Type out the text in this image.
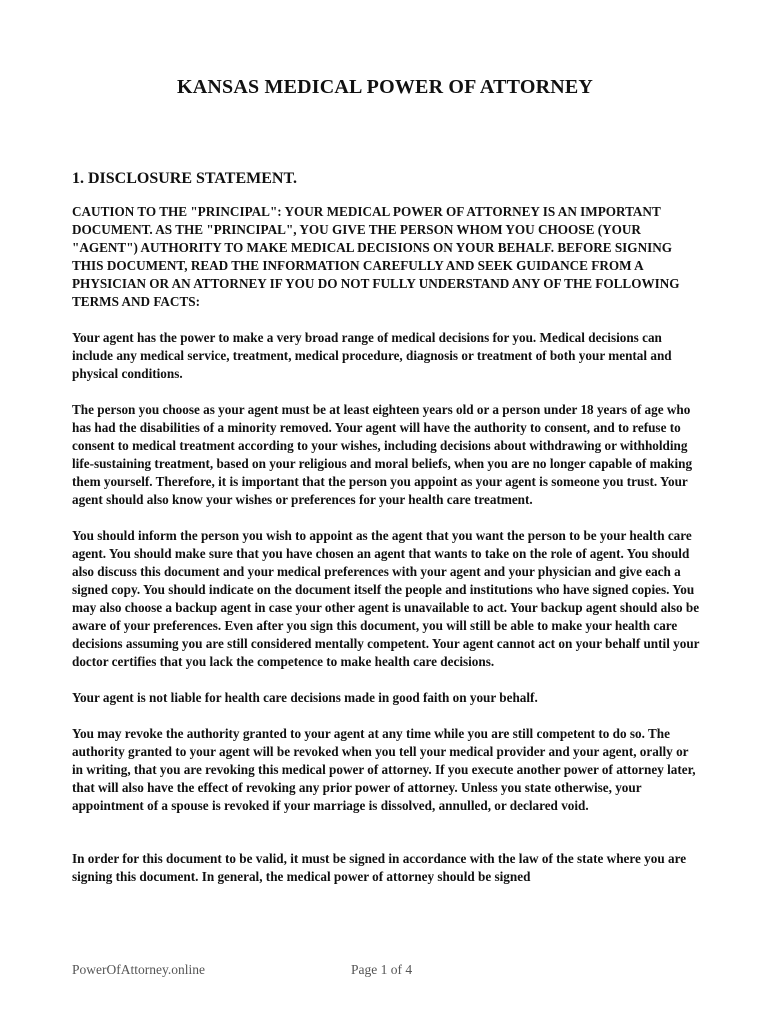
KANSAS MEDICAL POWER OF ATTORNEY
1. DISCLOSURE STATEMENT.

CAUTION TO THE "PRINCIPAL": YOUR MEDICAL POWER OF ATTORNEY IS AN IMPORTANT DOCUMENT. AS THE "PRINCIPAL", YOU GIVE THE PERSON WHOM YOU CHOOSE (YOUR "AGENT") AUTHORITY TO MAKE MEDICAL DECISIONS ON YOUR BEHALF. BEFORE SIGNING THIS DOCUMENT, READ THE INFORMATION CAREFULLY AND SEEK GUIDANCE FROM A PHYSICIAN OR AN ATTORNEY IF YOU DO NOT FULLY UNDERSTAND ANY OF THE FOLLOWING TERMS AND FACTS:

Your agent has the power to make a very broad range of medical decisions for you. Medical decisions can include any medical service, treatment, medical procedure, diagnosis or treatment of both your mental and physical conditions.

The person you choose as your agent must be at least eighteen years old or a person under 18 years of age who has had the disabilities of a minority removed. Your agent will have the authority to consent, and to refuse to consent to medical treatment according to your wishes, including decisions about withdrawing or withholding life-sustaining treatment, based on your religious and moral beliefs, when you are no longer capable of making them yourself. Therefore, it is important that the person you appoint as your agent is someone you trust. Your agent should also know your wishes or preferences for your health care treatment.

You should inform the person you wish to appoint as the agent that you want the person to be your health care agent. You should make sure that you have chosen an agent that wants to take on the role of agent. You should also discuss this document and your medical preferences with your agent and your physician and give each a signed copy. You should indicate on the document itself the people and institutions who have signed copies. You may also choose a backup agent in case your other agent is unavailable to act. Your backup agent should also be aware of your preferences. Even after you sign this document, you will still be able to make your health care decisions assuming you are still considered mentally competent. Your agent cannot act on your behalf until your doctor certifies that you lack the competence to make health care decisions.

Your agent is not liable for health care decisions made in good faith on your behalf.

You may revoke the authority granted to your agent at any time while you are still competent to do so. The authority granted to your agent will be revoked when you tell your medical provider and your agent, orally or in writing, that you are revoking this medical power of attorney. If you execute another power of attorney later, that will also have the effect of revoking any prior power of attorney. Unless you state otherwise, your appointment of a spouse is revoked if your marriage is dissolved, annulled, or declared void.

In order for this document to be valid, it must be signed in accordance with the law of the state where you are signing this document. In general, the medical power of attorney should be signed

PowerOfAttorney.online	Page 1 of 4
